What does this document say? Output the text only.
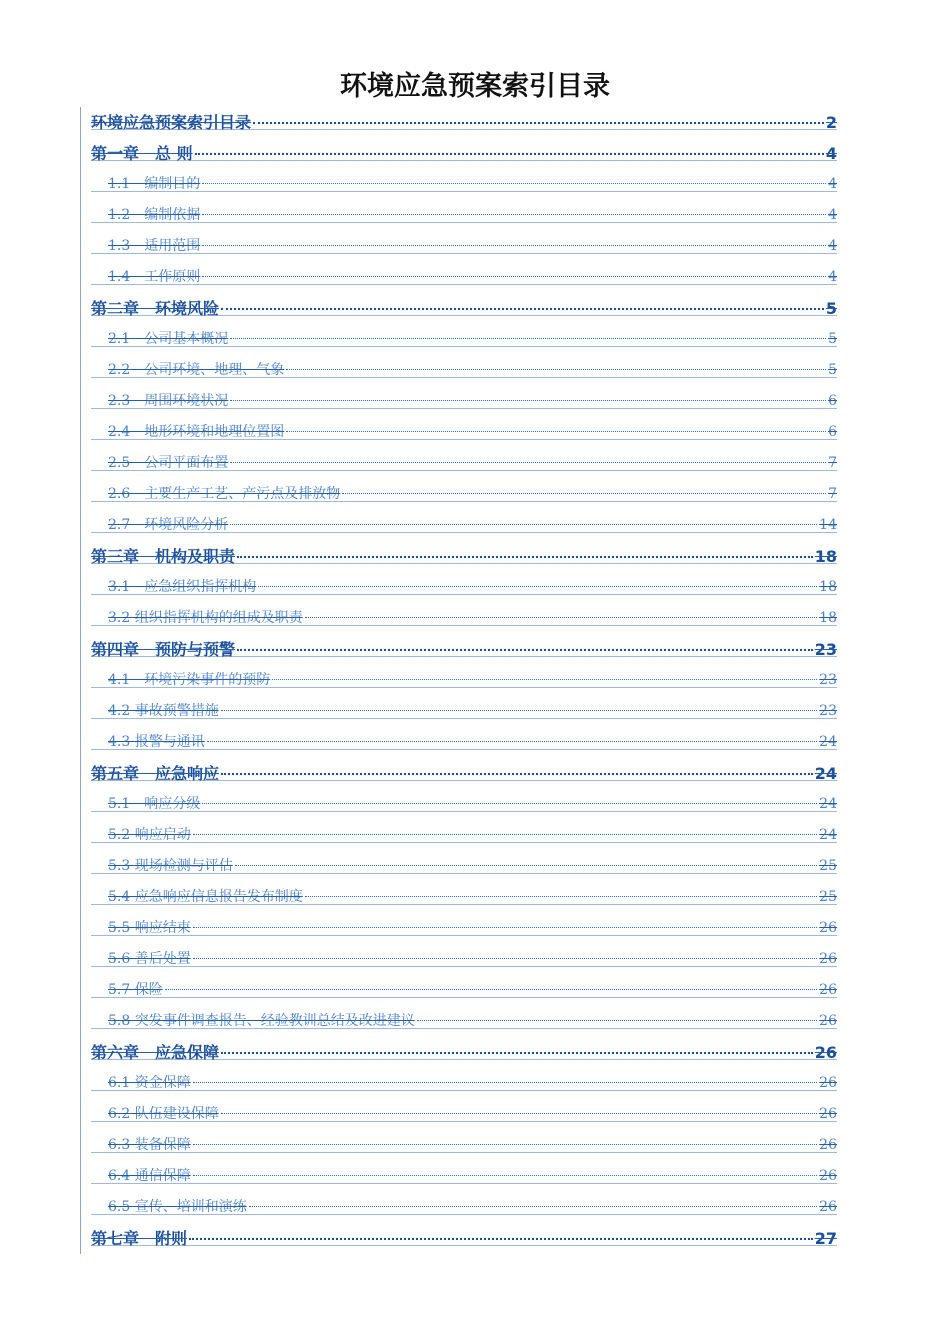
环境应急预案索引目录
环境应急预案索引目录	2
第一章　总 则	4
1.1　编制目的	4
1.2　编制依据	4
1.3　适用范围	4
1.4　工作原则	4
第二章　环境风险	5
2.1　公司基本概况	5
2.2　公司环境、地理、气象	5
2.3　周围环境状况	6
2.4　地形环境和地理位置图	6
2.5　公司平面布置	7
2.6　主要生产工艺、产污点及排放物	7
2.7　环境风险分析	14
第三章　机构及职责	18
3.1　应急组织指挥机构	18
3.2 组织指挥机构的组成及职责	18
第四章　预防与预警	23
4.1　环境污染事件的预防	23
4.2 事故预警措施	23
4.3 报警与通讯	24
第五章　应急响应	24
5.1　响应分级	24
5.2 响应启动	24
5.3 现场检测与评估	25
5.4 应急响应信息报告发布制度	25
5.5 响应结束	26
5.6 善后处置	26
5.7 保险	26
5.8 突发事件调查报告、经验教训总结及改进建议	26
第六章　应急保障	26
6.1 资金保障	26
6.2 队伍建设保障	26
6.3 装备保障	26
6.4 通信保障	26
6.5 宣传、培训和演练	26
第七章　附则	27
